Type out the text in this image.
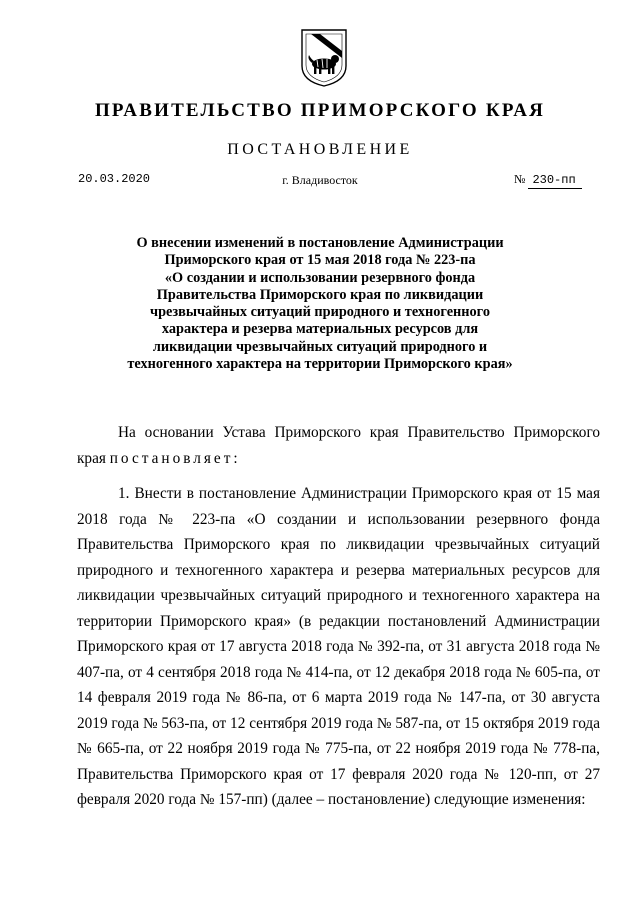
ПРАВИТЕЛЬСТВО ПРИМОРСКОГО КРАЯ
ПОСТАНОВЛЕНИЕ
20.03.2020	г. Владивосток	№ 230-пп
О внесении изменений в постановление Администрации
Приморского края от 15 мая 2018 года № 223-па
«О создании и использовании резервного фонда
Правительства Приморского края по ликвидации
чрезвычайных ситуаций природного и техногенного
характера и резерва материальных ресурсов для
ликвидации чрезвычайных ситуаций природного и
техногенного характера на территории Приморского края»

На основании Устава Приморского края Правительство Приморского края постановляет:

1. Внести в постановление Администрации Приморского края от 15 мая 2018 года № 223-па «О создании и использовании резервного фонда Правительства Приморского края по ликвидации чрезвычайных ситуаций природного и техногенного характера и резерва материальных ресурсов для ликвидации чрезвычайных ситуаций природного и техногенного характера на территории Приморского края» (в редакции постановлений Администрации Приморского края от 17 августа 2018 года № 392-па, от 31 августа 2018 года № 407-па, от 4 сентября 2018 года № 414-па, от 12 декабря 2018 года № 605-па, от 14 февраля 2019 года № 86-па, от 6 марта 2019 года № 147-па, от 30 августа 2019 года № 563-па, от 12 сентября 2019 года № 587-па, от 15 октября 2019 года № 665-па, от 22 ноября 2019 года № 775-па, от 22 ноября 2019 года № 778-па, Правительства Приморского края от 17 февраля 2020 года № 120-пп, от 27 февраля 2020 года № 157-пп) (далее – постановление) следующие изменения:
